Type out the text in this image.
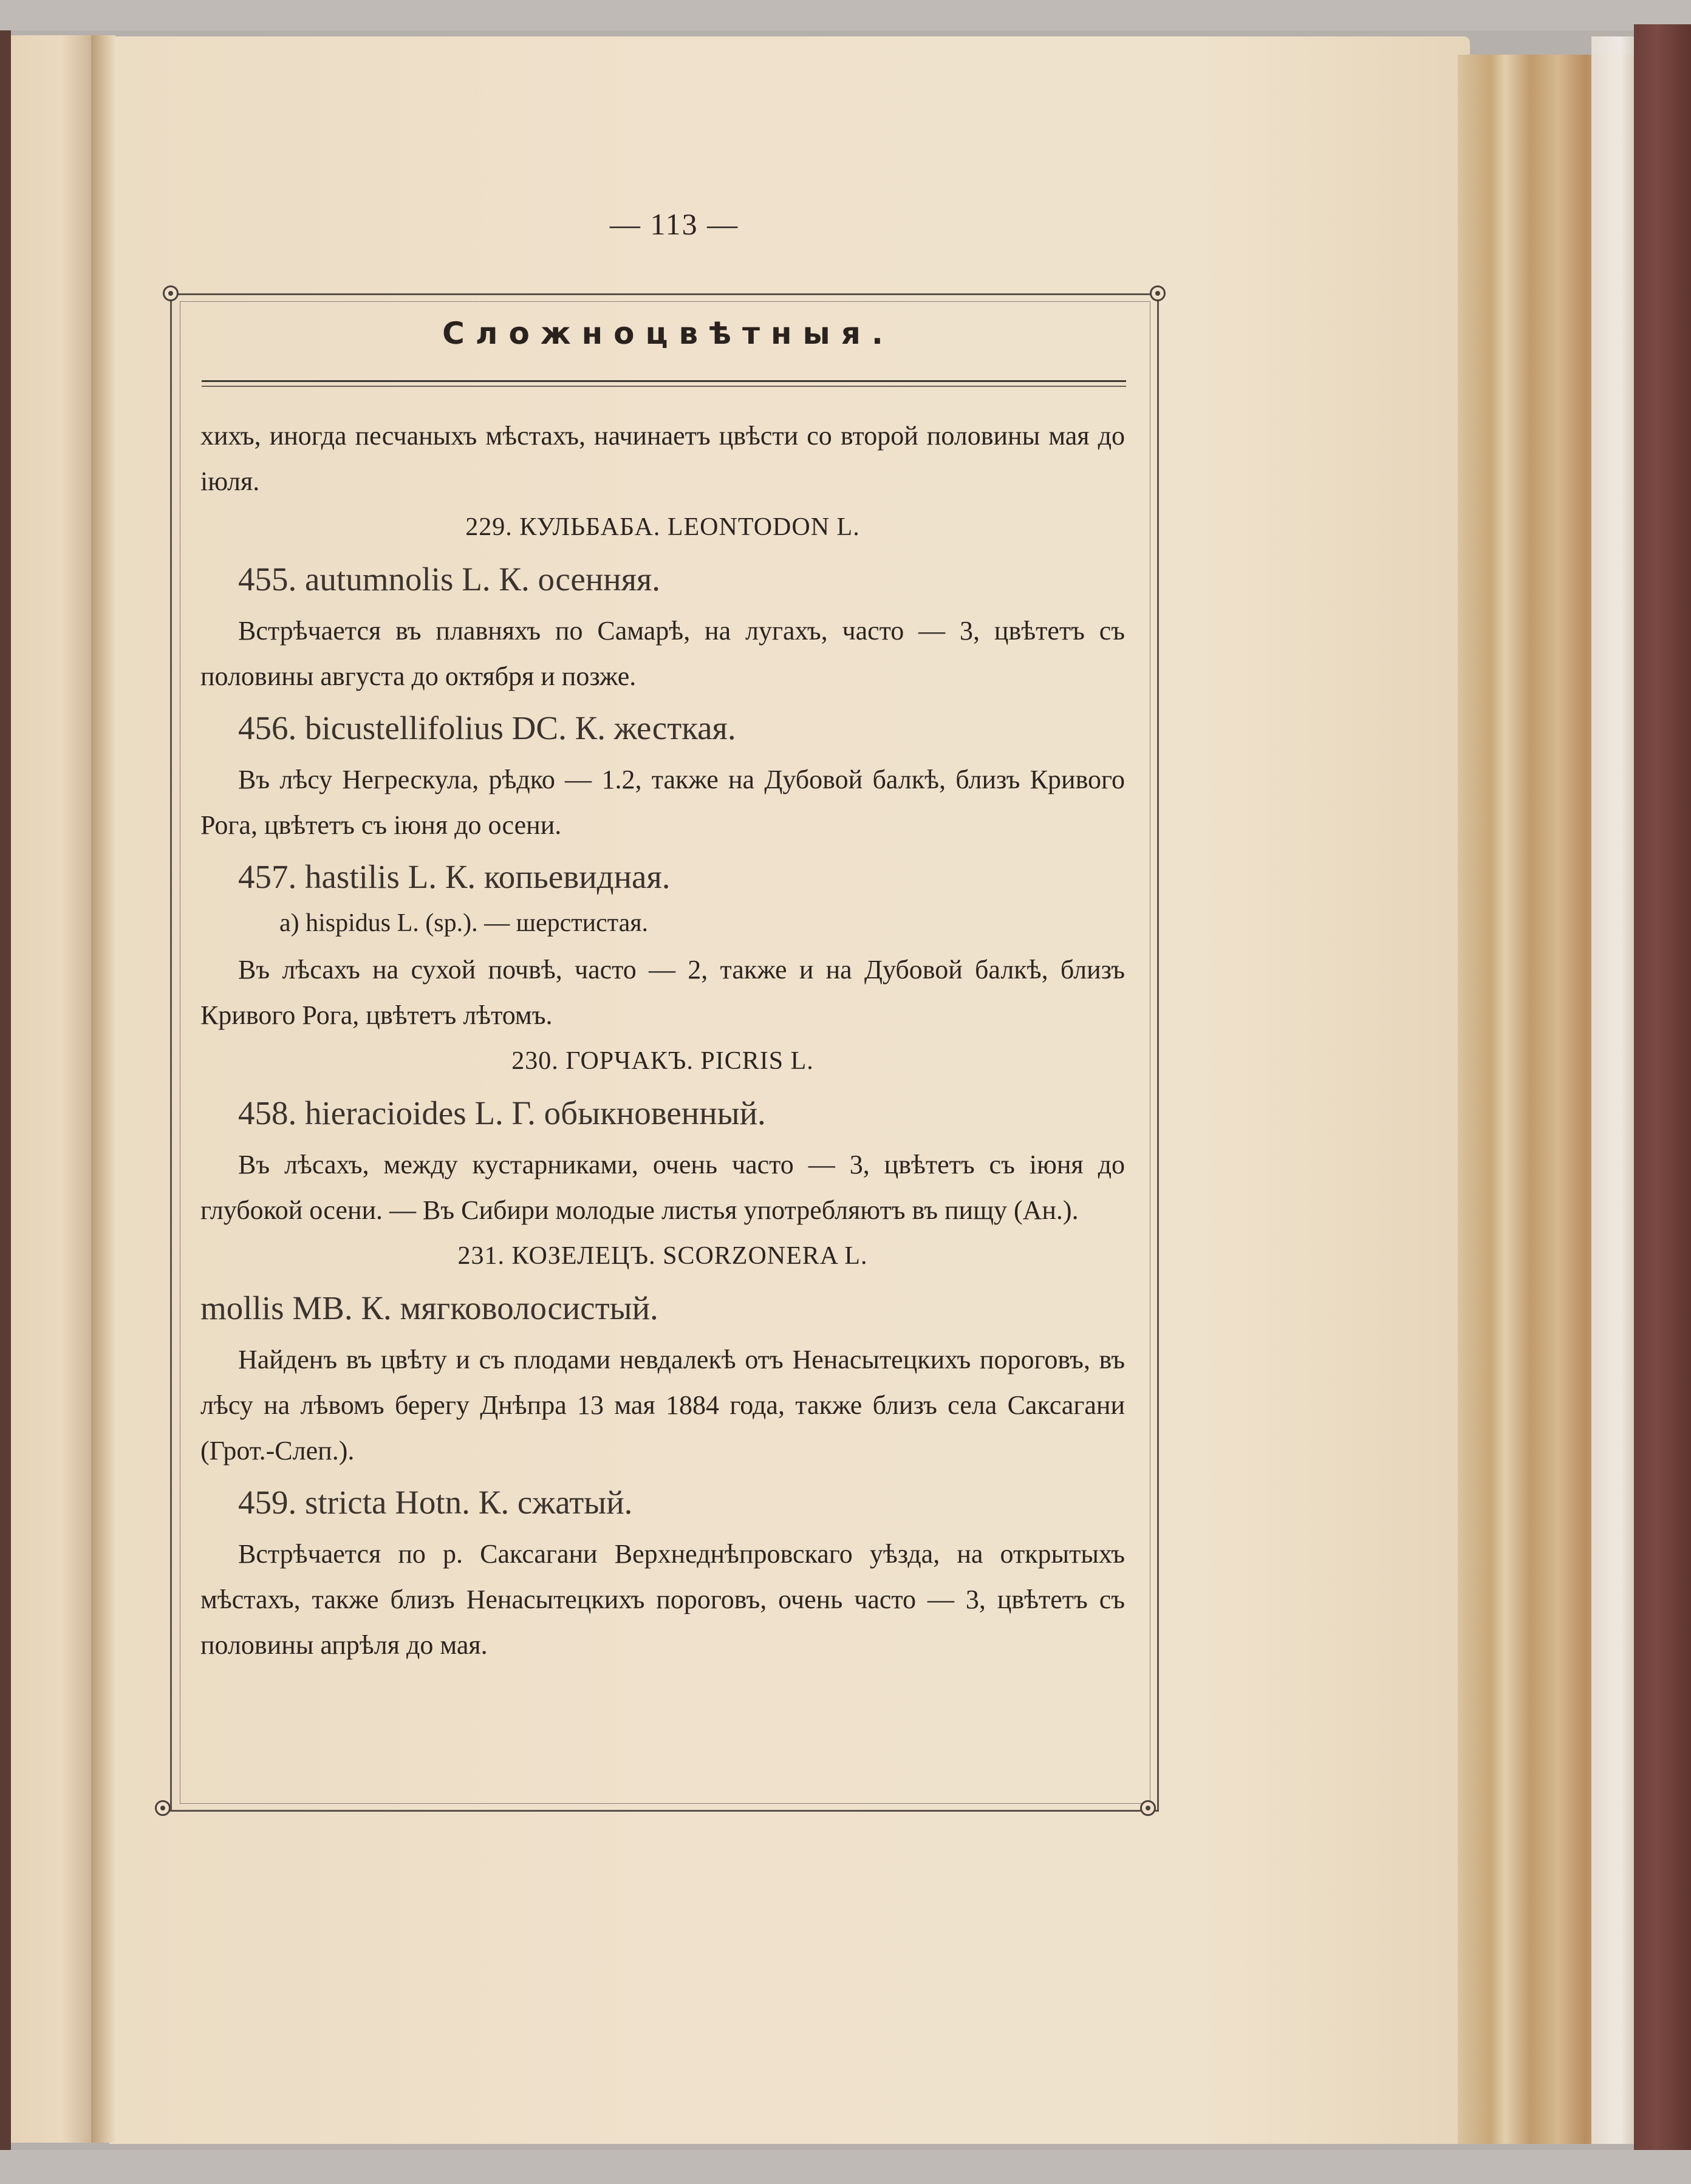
— 113 —
Сложноцвѣтныя.

хихъ, иногда песчаныхъ мѣстахъ, начинаетъ цвѣсти со второй половины мая до іюля.

229. КУЛЬБАБА. LEONTODON L.

455. autumnolis L. К. осенняя.

Встрѣчается въ плавняхъ по Самарѣ, на лугахъ, часто — 3, цвѣтетъ съ половины августа до октября и позже.

456. bicustellifolius DC. К. жесткая.

Въ лѣсу Негрескула, рѣдко — 1.2, также на Дубовой балкѣ, близъ Кривого Рога, цвѣтетъ съ іюня до осени.

457. hastilis L. К. копьевидная.

а) hispidus L. (sp.). — шерстистая.

Въ лѣсахъ на сухой почвѣ, часто — 2, также и на Дубовой балкѣ, близъ Кривого Рога, цвѣтетъ лѣтомъ.

230. ГОРЧАКЪ. PICRIS L.

458. hieracioides L. Г. обыкновенный.

Въ лѣсахъ, между кустарниками, очень часто — 3, цвѣтетъ съ іюня до глубокой осени. — Въ Сибири молодые листья употребляютъ въ пищу (Ан.).

231. КОЗЕЛЕЦЪ. SCORZONERA L.

mollis MB. К. мягковолосистый.

Найденъ въ цвѣту и съ плодами невдалекѣ отъ Ненасытецкихъ пороговъ, въ лѣсу на лѣвомъ берегу Днѣпра 13 мая 1884 года, также близъ села Саксагани (Грот.-Слеп.).

459. stricta Hotn. К. сжатый.

Встрѣчается по р. Саксагани Верхнеднѣпровскаго уѣзда, на открытыхъ мѣстахъ, также близъ Ненасытецкихъ пороговъ, очень часто — 3, цвѣтетъ съ половины апрѣля до мая.
